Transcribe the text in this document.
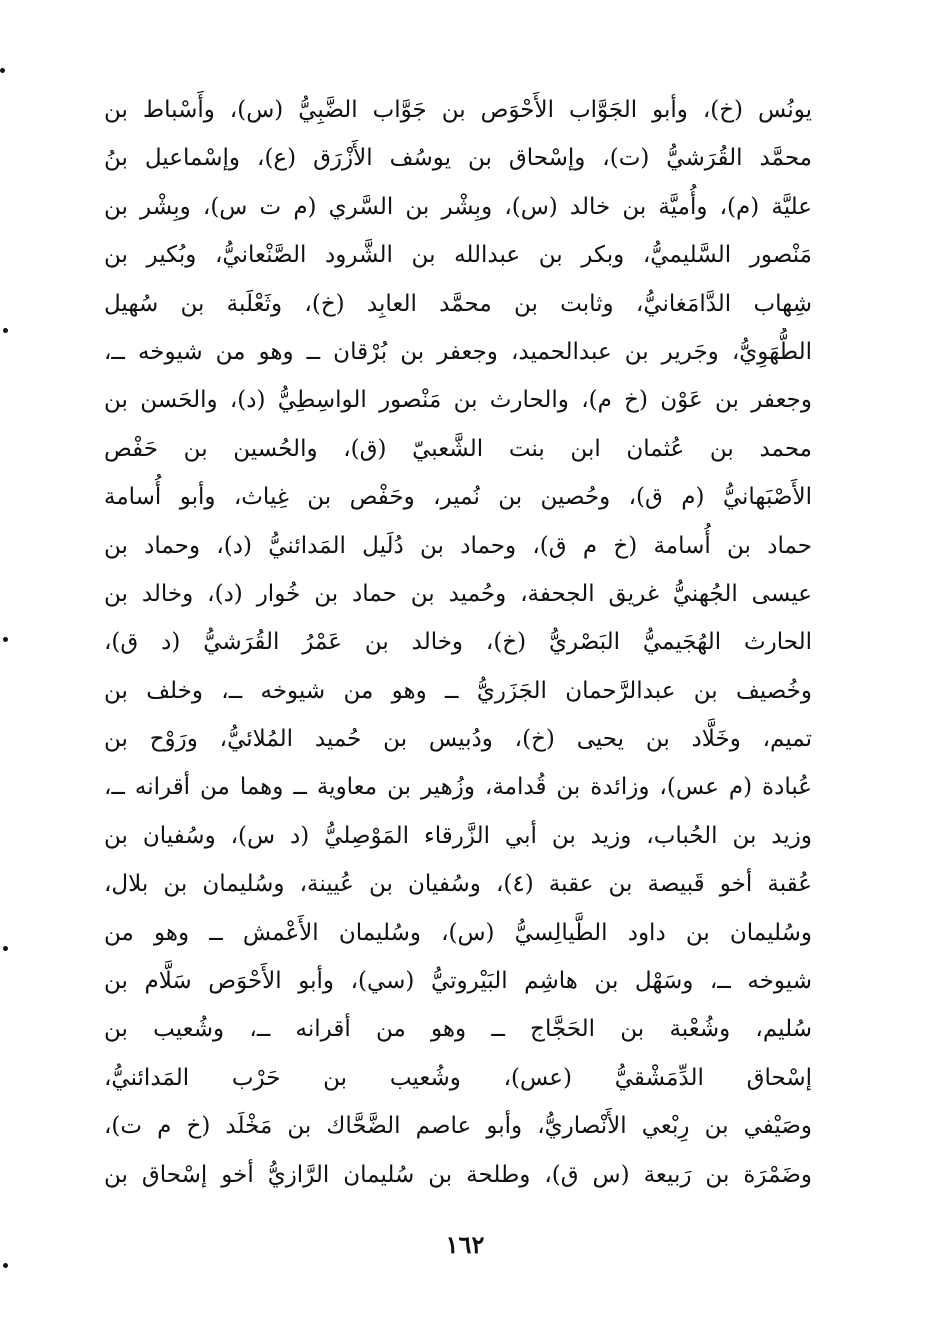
يونُس (خ)، وأبو الجَوَّاب الأَحْوَص بن جَوَّاب الضَّبِيُّ (س)، وأَسْباط بن
محمَّد القُرَشيُّ (ت)، وإسْحاق بن يوسُف الأَزْرَق (ع)، وإسْماعيل بنُ
عليَّة (م)، وأُميَّة بن خالد (س)، وبِشْر بن السَّري (م ت س)، وبِشْر بن
مَنْصور السَّليميُّ، وبكر بن عبدالله بن الشَّرود الصَّنْعانيُّ، وبُكير بن
شِهاب الدَّامَغانيُّ، وثابت بن محمَّد العابِد (خ)، وثَعْلَبة بن سُهيل
الطُّهَوِيُّ، وجَرير بن عبدالحميد، وجعفر بن بُرْقان ــ وهو من شيوخه ــ،
وجعفر بن عَوْن (خ م)، والحارث بن مَنْصور الواسِطِيُّ (د)، والحَسن بن
محمد بن عُثمان ابن بنت الشَّعبيّ (ق)، والحُسين بن حَفْص
الأَصْبَهانيُّ (م ق)، وحُصين بن نُمير، وحَفْص بن غِياث، وأبو أُسامة
حماد بن أُسامة (خ م ق)، وحماد بن دُلَيل المَدائنيُّ (د)، وحماد بن
عيسى الجُهنيُّ غريق الجحفة، وحُميد بن حماد بن خُوار (د)، وخالد بن
الحارث الهُجَيميُّ البَصْريُّ (خ)، وخالد بن عَمْرُ القُرَشيُّ (د ق)،
وخُصيف بن عبدالرَّحمان الجَزَريُّ ــ وهو من شيوخه ــ، وخلف بن
تميم، وخَلَّاد بن يحيى (خ)، ودُبيس بن حُميد المُلائيُّ، ورَوْح بن
عُبادة (م عس)، وزائدة بن قُدامة، وزُهير بن معاوية ــ وهما من أقرانه ــ،
وزيد بن الحُباب، وزيد بن أبي الزَّرقاء المَوْصِليُّ (د س)، وسُفيان بن
عُقبة أخو قَبيصة بن عقبة (٤)، وسُفيان بن عُيينة، وسُليمان بن بلال،
وسُليمان بن داود الطَّيالِسيُّ (س)، وسُليمان الأَعْمش ــ وهو من
شيوخه ــ، وسَهْل بن هاشِم البَيْروتيُّ (سي)، وأبو الأَحْوَص سَلَّام بن
سُليم، وشُعْبة بن الحَجَّاج ــ وهو من أقرانه ــ، وشُعيب بن
إسْحاق الدِّمَشْقيُّ (عس)، وشُعيب بن حَرْب المَدائنيُّ،
وصَيْفي بن رِبْعي الأَنْصاريُّ، وأبو عاصم الضَّحَّاك بن مَخْلَد (خ م ت)،
وضَمْرَة بن رَبيعة (س ق)، وطلحة بن سُليمان الرَّازيُّ أخو إسْحاق بن
١٦٢
